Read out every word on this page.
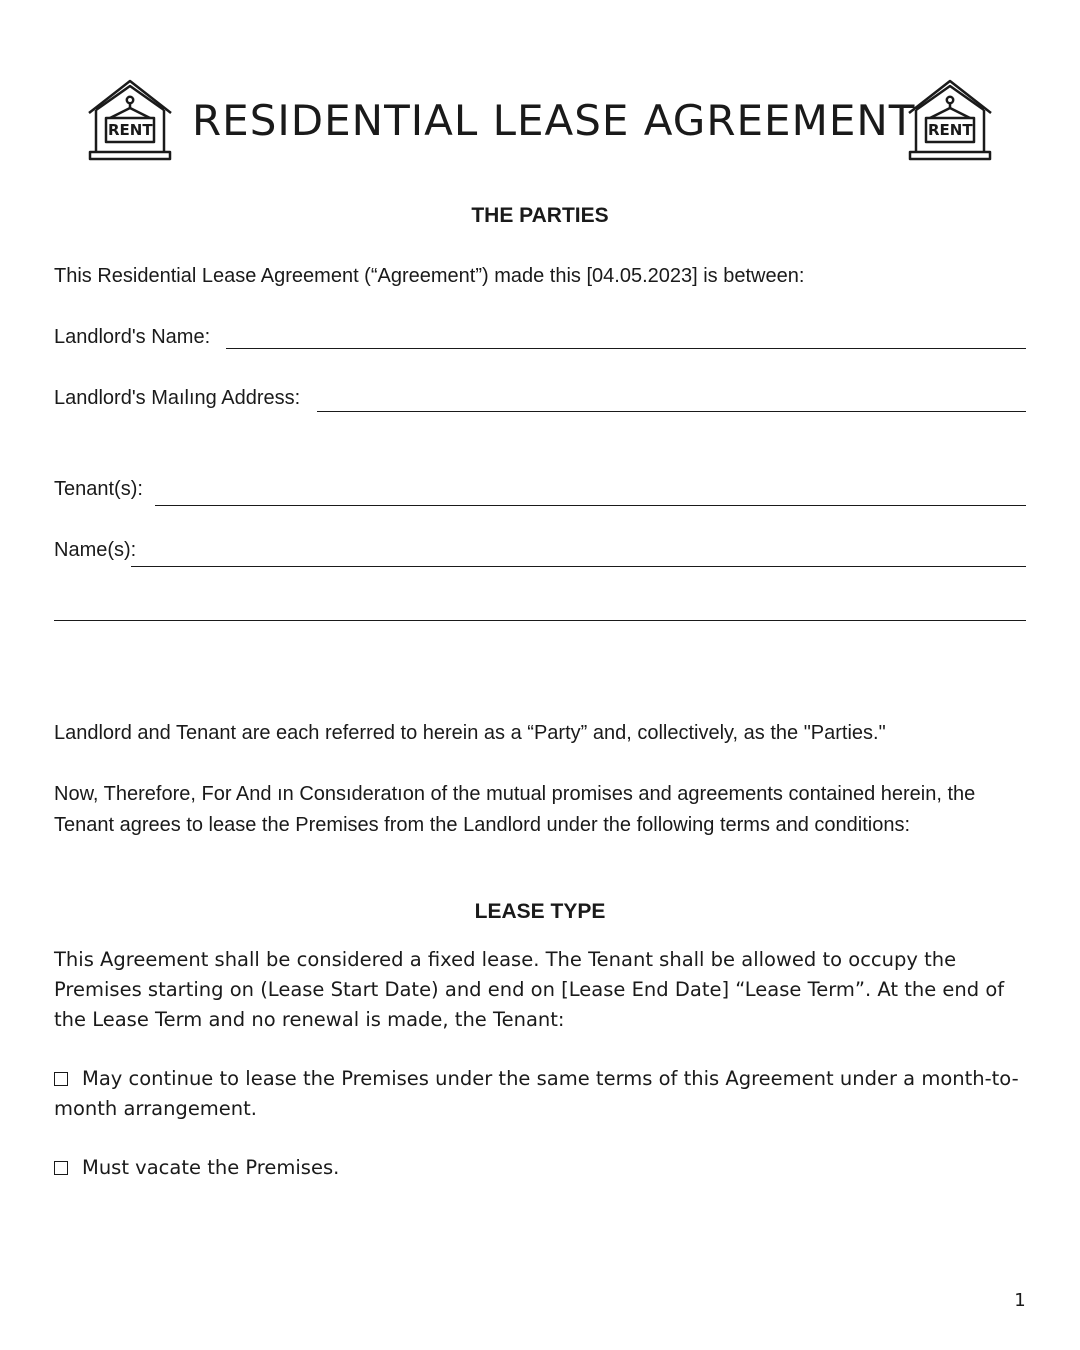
RENT RESIDENTIAL LEASE AGREEMENT RENT
THE PARTIES
This Residential Lease Agreement (“Agreement”) made this [04.05.2023] is between:
Landlord's Name:
Landlord's Maılıng Address:
Tenant(s):
Name(s):
Landlord and Tenant are each referred to herein as a “Party” and, collectively, as the "Parties."
Now, Therefore, For And ın Consıderatıon of the mutual promises and agreements contained herein, the Tenant agrees to lease the Premises from the Landlord under the following terms and conditions:
LEASE TYPE
This Agreement shall be considered a fixed lease. The Tenant shall be allowed to occupy the Premises starting on (Lease Start Date) and end on [Lease End Date] “Lease Term”. At the end of the Lease Term and no renewal is made, the Tenant:
May continue to lease the Premises under the same terms of this Agreement under a month-to-month arrangement.
Must vacate the Premises.
1
